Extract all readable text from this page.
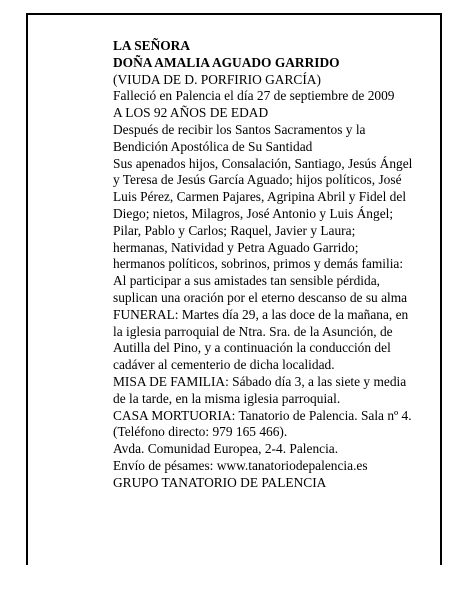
LA SEÑORA

DOÑA AMALIA AGUADO GARRIDO

(VIUDA DE D. PORFIRIO GARCÍA)

Falleció en Palencia el día 27 de septiembre de 2009

A LOS 92 AÑOS DE EDAD

Después de recibir los Santos Sacramentos y la Bendición Apostólica de Su Santidad

Sus apenados hijos, Consalación, Santiago, Jesús Ángel y Teresa de Jesús García Aguado; hijos políticos, José Luis Pérez, Carmen Pajares, Agripina Abril y Fidel del Diego; nietos, Milagros, José Antonio y Luis Ángel; Pilar, Pablo y Carlos; Raquel, Javier y Laura; hermanas, Natividad y Petra Aguado Garrido; hermanos políticos, sobrinos, primos y demás familia:

Al participar a sus amistades tan sensible pérdida, suplican una oración por el eterno descanso de su alma

FUNERAL: Martes día 29, a las doce de la mañana, en la iglesia parroquial de Ntra. Sra. de la Asunción, de Autilla del Pino, y a continuación la conducción del cadáver al cementerio de dicha localidad.

MISA DE FAMILIA: Sábado día 3, a las siete y media de la tarde, en la misma iglesia parroquial.

CASA MORTUORIA: Tanatorio de Palencia. Sala nº 4. (Teléfono directo: 979 165 466).

Avda. Comunidad Europea, 2-4. Palencia.

Envío de pésames: www.tanatoriodepalencia.es

GRUPO TANATORIO DE PALENCIA
